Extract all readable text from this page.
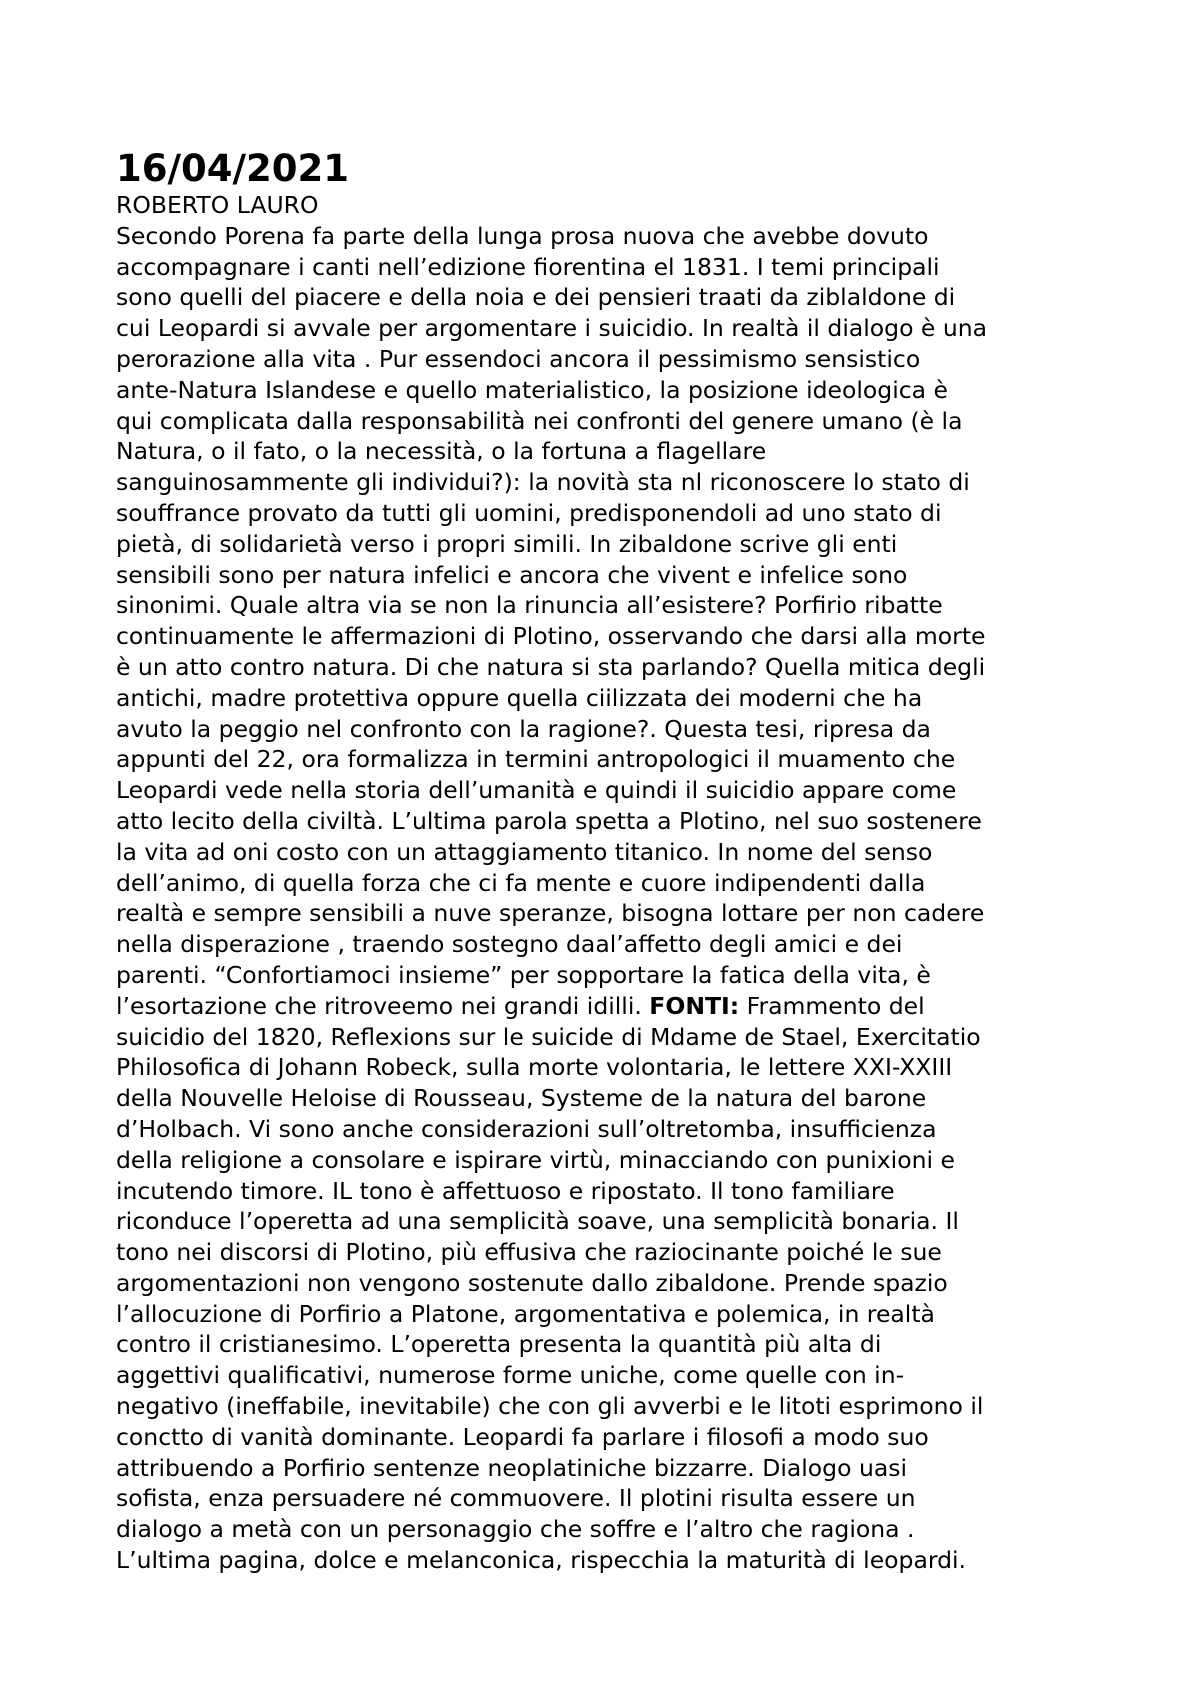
16/04/2021

ROBERTO LAURO

Secondo Porena fa parte della lunga prosa nuova che avebbe dovuto
accompagnare i canti nell’edizione fiorentina el 1831. I temi principali
sono quelli del piacere e della noia e dei pensieri traati da ziblaldone di
cui Leopardi si avvale per argomentare i suicidio. In realtà il dialogo è una
perorazione alla vita . Pur essendoci ancora il pessimismo sensistico
ante-Natura Islandese e quello materialistico, la posizione ideologica è
qui complicata dalla responsabilità nei confronti del genere umano (è la
Natura, o il fato, o la necessità, o la fortuna a flagellare
sanguinosammente gli individui?): la novità sta nl riconoscere lo stato di
souffrance provato da tutti gli uomini, predisponendoli ad uno stato di
pietà, di solidarietà verso i propri simili. In zibaldone scrive gli enti
sensibili sono per natura infelici e ancora che vivent e infelice sono
sinonimi. Quale altra via se non la rinuncia all’esistere? Porfirio ribatte
continuamente le affermazioni di Plotino, osservando che darsi alla morte
è un atto contro natura. Di che natura si sta parlando? Quella mitica degli
antichi, madre protettiva oppure quella ciilizzata dei moderni che ha
avuto la peggio nel confronto con la ragione?. Questa tesi, ripresa da
appunti del 22, ora formalizza in termini antropologici il muamento che
Leopardi vede nella storia dell’umanità e quindi il suicidio appare come
atto lecito della civiltà. L’ultima parola spetta a Plotino, nel suo sostenere
la vita ad oni costo con un attaggiamento titanico. In nome del senso
dell’animo, di quella forza che ci fa mente e cuore indipendenti dalla
realtà e sempre sensibili a nuve speranze, bisogna lottare per non cadere
nella disperazione , traendo sostegno daal’affetto degli amici e dei
parenti. “Confortiamoci insieme” per sopportare la fatica della vita, è
l’esortazione che ritroveemo nei grandi idilli. FONTI: Frammento del
suicidio del 1820, Reflexions sur le suicide di Mdame de Stael, Exercitatio
Philosofica di Johann Robeck, sulla morte volontaria, le lettere XXI-XXIII
della Nouvelle Heloise di Rousseau, Systeme de la natura del barone
d’Holbach. Vi sono anche considerazioni sull’oltretomba, insufficienza
della religione a consolare e ispirare virtù, minacciando con punixioni e
incutendo timore. IL tono è affettuoso e ripostato. Il tono familiare
riconduce l’operetta ad una semplicità soave, una semplicità bonaria. Il
tono nei discorsi di Plotino, più effusiva che raziocinante poiché le sue
argomentazioni non vengono sostenute dallo zibaldone. Prende spazio
l’allocuzione di Porfirio a Platone, argomentativa e polemica, in realtà
contro il cristianesimo. L’operetta presenta la quantità più alta di
aggettivi qualificativi, numerose forme uniche, come quelle con in-
negativo (ineffabile, inevitabile) che con gli avverbi e le litoti esprimono il
conctto di vanità dominante. Leopardi fa parlare i filosofi a modo suo
attribuendo a Porfirio sentenze neoplatiniche bizzarre. Dialogo uasi
sofista, enza persuadere né commuovere. Il plotini risulta essere un
dialogo a metà con un personaggio che soffre e l’altro che ragiona .
L’ultima pagina, dolce e melanconica, rispecchia la maturità di leopardi.
